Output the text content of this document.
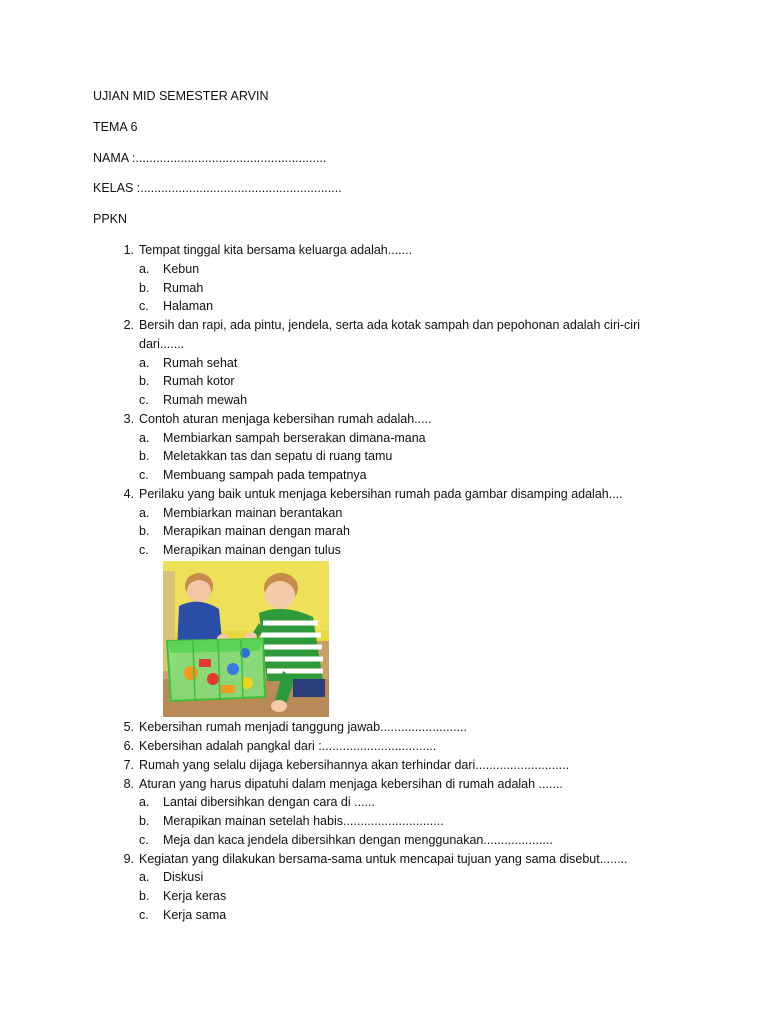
UJIAN MID SEMESTER ARVIN
TEMA 6
NAMA :.......................................................
KELAS :..........................................................
PPKN
1. Tempat tinggal kita bersama keluarga adalah.......
a. Kebun
b. Rumah
c. Halaman
2. Bersih dan rapi, ada pintu, jendela, serta ada kotak sampah dan pepohonan adalah ciri-ciri
dari.......
a. Rumah sehat
b. Rumah kotor
c. Rumah mewah
3. Contoh aturan menjaga kebersihan rumah adalah.....
a. Membiarkan sampah berserakan dimana-mana
b. Meletakkan tas dan sepatu di ruang tamu
c. Membuang sampah pada tempatnya
4. Perilaku yang baik untuk menjaga kebersihan rumah pada gambar disamping adalah....
a. Membiarkan mainan berantakan
b. Merapikan mainan dengan marah
c. Merapikan mainan dengan tulus
5. Kebersihan rumah menjadi tanggung jawab.........................
6. Kebersihan adalah pangkal dari :.................................
7. Rumah yang selalu dijaga kebersihannya akan terhindar dari...........................
8. Aturan yang harus dipatuhi dalam menjaga kebersihan di rumah adalah .......
a. Lantai dibersihkan dengan cara di ......
b. Merapikan mainan setelah habis.............................
c. Meja dan kaca jendela dibersihkan dengan menggunakan....................
9. Kegiatan yang dilakukan bersama-sama untuk mencapai tujuan yang sama disebut........
a. Diskusi
b. Kerja keras
c. Kerja sama
